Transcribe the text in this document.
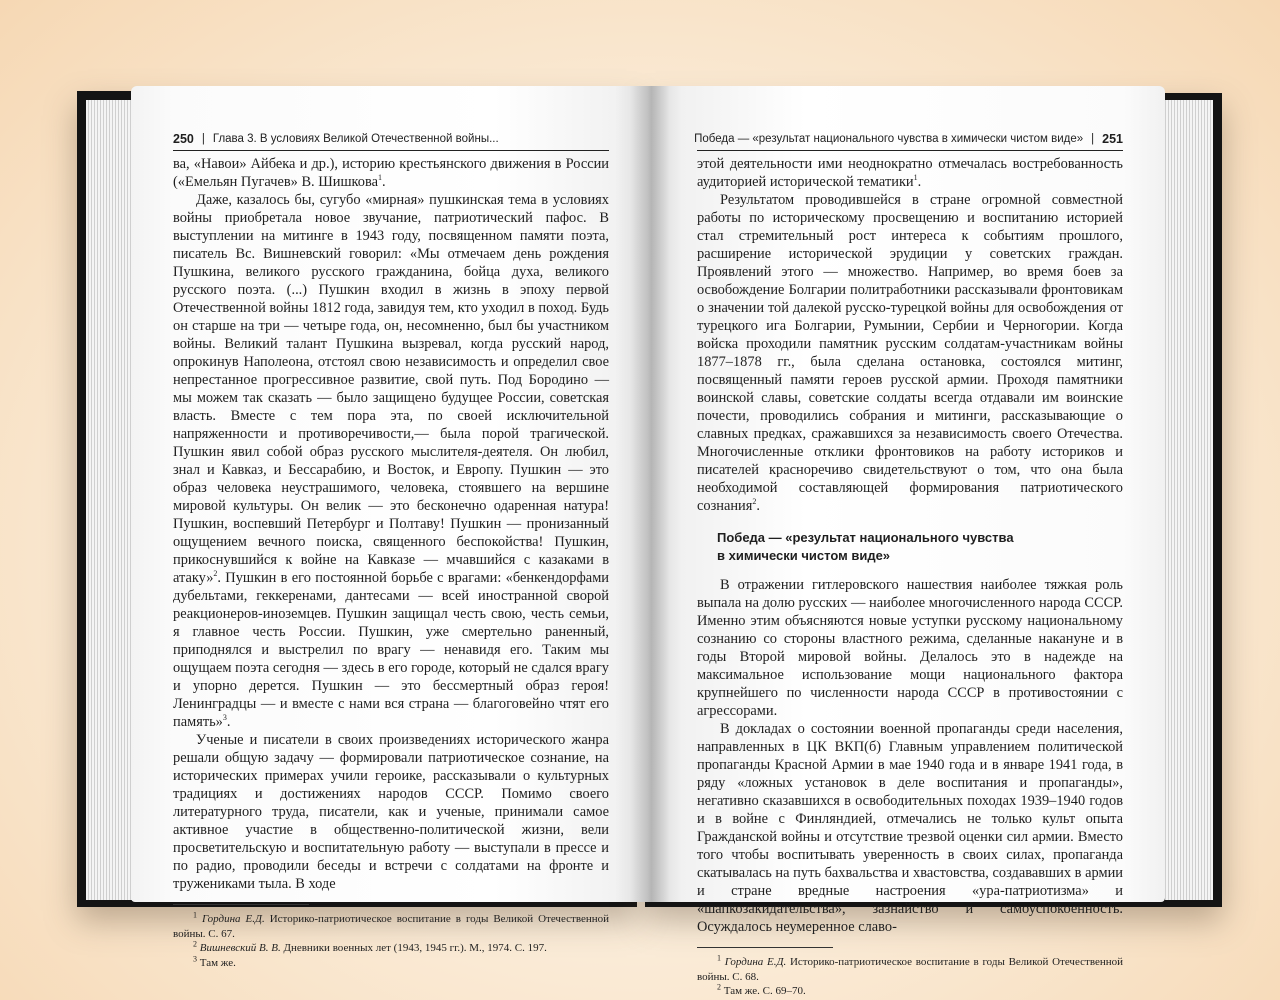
250 | Глава 3. В условиях Великой Отечественной войны...

ва, «Навои» Айбека и др.), историю крестьянского движения в России («Емельян Пугачев» В. Шишкова$^1$.

Даже, казалось бы, сугубо «мирная» пушкинская тема в условиях войны приобретала новое звучание, патриотический пафос. В выступлении на митинге в 1943 году, посвященном памяти поэта, писатель Вс. Вишневский говорил: «Мы отмечаем день рождения Пушкина, великого русского гражданина, бойца духа, великого русского поэта. (...) Пушкин входил в жизнь в эпоху первой Отечественной войны 1812 года, завидуя тем, кто уходил в поход. Будь он старше на три — четыре года, он, несомненно, был бы участником войны. Великий талант Пушкина вызревал, когда русский народ, опрокинув Наполеона, отстоял свою независимость и определил свое непрестанное прогрессивное развитие, свой путь. Под Бородино — мы можем так сказать — было защищено будущее России, советская власть. Вместе с тем пора эта, по своей исключительной напряженности и противоречивости,— была порой трагической. Пушкин явил собой образ русского мыслителя-деятеля. Он любил, знал и Кавказ, и Бессарабию, и Восток, и Европу. Пушкин — это образ человека неустрашимого, человека, стоявшего на вершине мировой культуры. Он велик — это бесконечно одаренная натура! Пушкин, воспевший Петербург и Полтаву! Пушкин — пронизанный ощущением вечного поиска, священного беспокойства! Пушкин, прикоснувшийся к войне на Кавказе — мчавшийся с казаками в атаку»$^2$. Пушкин в его постоянной борьбе с врагами: «бенкендорфами дубельтами, геккеренами, дантесами — всей иностранной сворой реакционеров-иноземцев. Пушкин защищал честь свою, честь семьи, я главное честь России. Пушкин, уже смертельно раненный, приподнялся и выстрелил по врагу — ненавидя его. Таким мы ощущаем поэта сегодня — здесь в его городе, который не сдался врагу и упорно дерется. Пушкин — это бессмертный образ героя! Ленинградцы — и вместе с нами вся страна — благоговейно чтят его память»$^3$.

Ученые и писатели в своих произведениях исторического жанра решали общую задачу — формировали патриотическое сознание, на исторических примерах учили героике, рассказывали о культурных традициях и достижениях народов СССР. Помимо своего литературного труда, писатели, как и ученые, принимали самое активное участие в общественно-политической жизни, вели просветительскую и воспитательную работу — выступали в прессе и по радио, проводили беседы и встречи с солдатами на фронте и тружениками тыла. В ходе

$^1$ Гордина Е.Д. Историко-патриотическое воспитание в годы Великой Отечественной войны. С. 67.

$^2$ Вишневский В. В. Дневники военных лет (1943, 1945 гг.). М., 1974. С. 197.

$^3$ Там же.

Победа — «результат национального чувства в химически чистом виде» | 251

этой деятельности ими неоднократно отмечалась востребованность аудиторией исторической тематики$^1$.

Результатом проводившейся в стране огромной совместной работы по историческому просвещению и воспитанию историей стал стремительный рост интереса к событиям прошлого, расширение исторической эрудиции у советских граждан. Проявлений этого — множество. Например, во время боев за освобождение Болгарии политработники рассказывали фронтовикам о значении той далекой русско-турецкой войны для освобождения от турецкого ига Болгарии, Румынии, Сербии и Черногории. Когда войска проходили памятник русским солдатам-участникам войны 1877–1878 гг., была сделана остановка, состоялся митинг, посвященный памяти героев русской армии. Проходя памятники воинской славы, советские солдаты всегда отдавали им воинские почести, проводились собрания и митинги, рассказывающие о славных предках, сражавшихся за независимость своего Отечества. Многочисленные отклики фронтовиков на работу историков и писателей красноречиво свидетельствуют о том, что она была необходимой составляющей формирования патриотического сознания$^2$.

Победа — «результат национального чувства
в химически чистом виде»

В отражении гитлеровского нашествия наиболее тяжкая роль выпала на долю русских — наиболее многочисленного народа СССР. Именно этим объясняются новые уступки русскому национальному сознанию со стороны властного режима, сделанные накануне и в годы Второй мировой войны. Делалось это в надежде на максимальное использование мощи национального фактора крупнейшего по численности народа СССР в противостоянии с агрессорами.

В докладах о состоянии военной пропаганды среди населения, направленных в ЦК ВКП(б) Главным управлением политической пропаганды Красной Армии в мае 1940 года и в январе 1941 года, в ряду «ложных установок в деле воспитания и пропаганды», негативно сказавшихся в освободительных походах 1939–1940 годов и в войне с Финляндией, отмечались не только культ опыта Гражданской войны и отсутствие трезвой оценки сил армии. Вместо того чтобы воспитывать уверенность в своих силах, пропаганда скатывалась на путь бахвальства и хвастовства, создававших в армии и стране вредные настроения «ура-патриотизма» и «шапкозакидательства», зазнайство и самоуспокоенность. Осуждалось неумеренное славо-

$^1$ Гордина Е.Д. Историко-патриотическое воспитание в годы Великой Отечественной войны. С. 68.

$^2$ Там же. С. 69–70.
